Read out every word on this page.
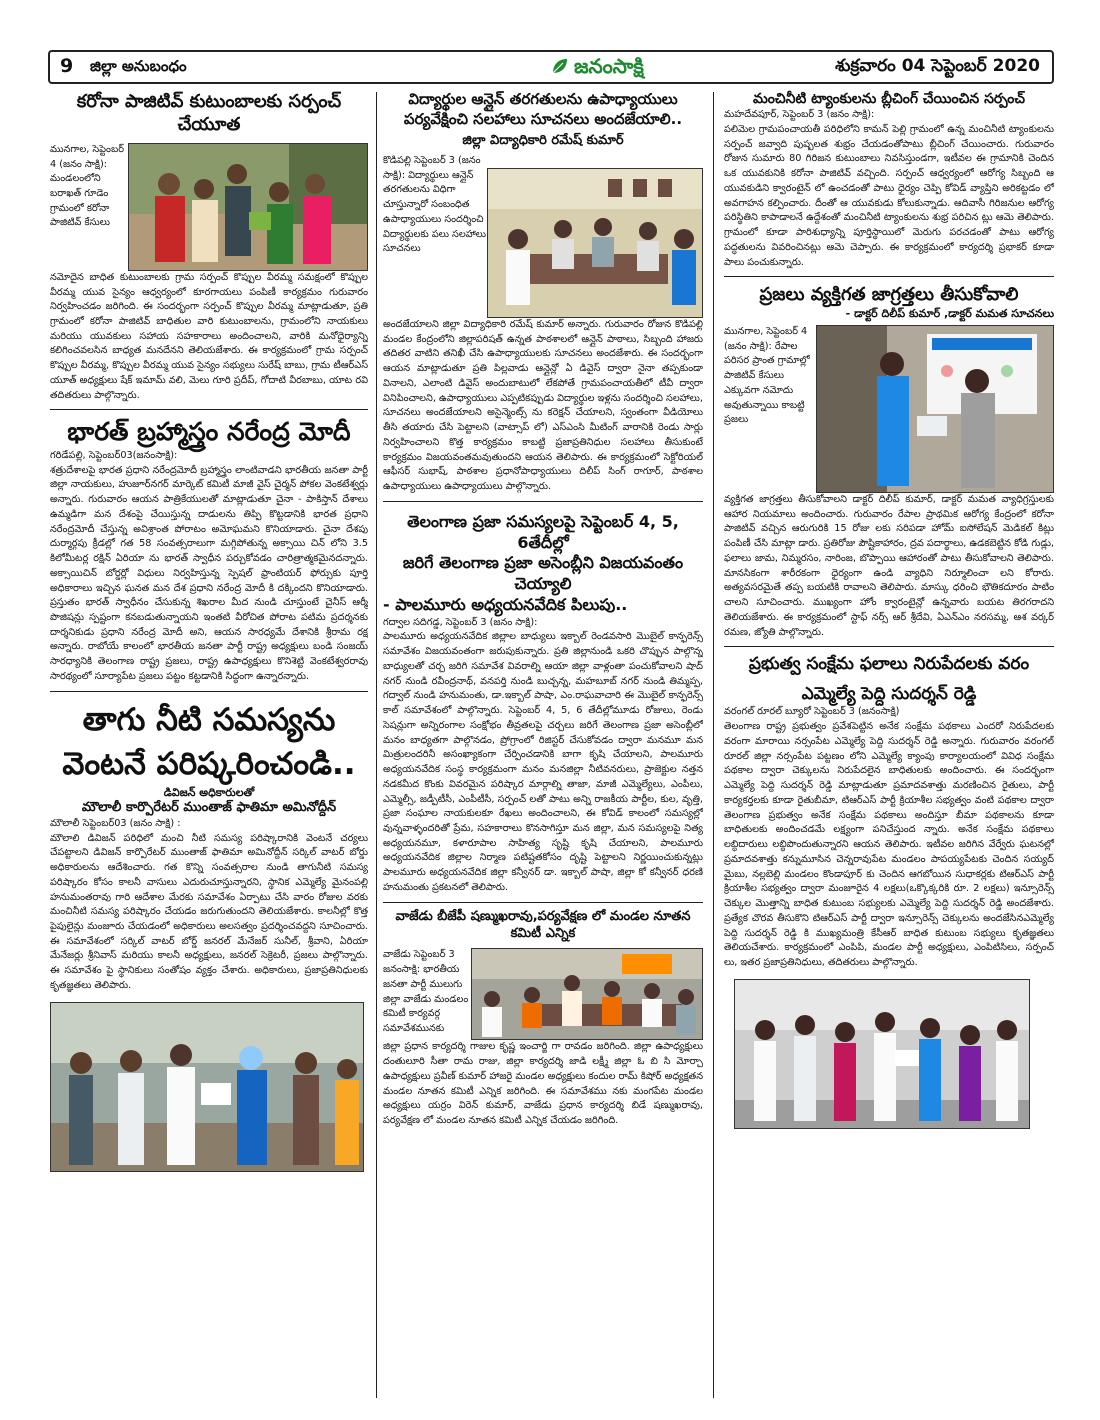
9 జిల్లా అనుబంధం	జనంసాక్షి	శుక్రవారం 04 సెప్టెంబర్ 2020
కరోనా పాజిటివ్ కుటుంబాలకు సర్పంచ్ చేయూత
మునగాల, సెప్టెంబర్ 4 (జనం సాక్షి): మండలంలోని బరాఖత్ గూడెం గ్రామంలో కరోనా పాజిటివ్ కేసులు
నమోదైన బాధిత కుటుంబాలకు గ్రామ సర్పంచ్ కొప్పుల వీరమ్మ సమక్షంలో కొప్పుల వీరమ్మ యువ సైన్యం ఆధ్వర్యంలో కూరగాయలు పంపిణీ కార్యక్రమం గురువారం నిర్వహించడం జరిగింది. ఈ సందర్భంగా సర్పంచ్ కొప్పుల వీరమ్మ మాట్లాడుతూ, ప్రతి గ్రామంలో కరోనా పాజిటివ్ బాధితుల వారి కుటుంబాలను, గ్రామంలోని నాయకులు మరియు యువకులు సహాయ సహకారాలు అందించాలని, వారికి మనోధైర్యాన్ని కలిగించవలసిన బాధ్యత మనదేనని తెలియజేశారు. ఈ కార్యక్రమంలో గ్రామ సర్పంచ్ కొప్పుల వీరమ్మ, కొప్పుల వీరమ్మ యువ సైన్యం సభ్యులు సురేష్ బాబు, గ్రామ టీఆర్ఎస్ యూత్ అధ్యక్షులు షేక్ ఇమామ్ వలి, మెలు గూరి ప్రదీప్, గోదాటి వీరబాబు, యాట రవి తదితరులు పాల్గొన్నారు.
భారత్ బ్రహ్మాస్త్రం నరేంద్ర మోదీ
గరిడేపల్లి, సెప్టెంబర్03(జనంసాక్షి):
శత్రుదేశాలపై భారత ప్రధాని నరేంద్రమోదీ బ్రహ్మాస్త్రం లాంటివాడని భారతీయ జనతా పార్టీ జిల్లా నాయకులు, హుజూర్‌నగర్ మార్కెట్ కమిటీ మాజీ వైస్ చైర్మన్ పోకల వెంకటేశ్వర్లు అన్నారు. గురువారం ఆయన పాత్రికేయులతో మాట్లాడుతూ చైనా - పాకిస్తాన్ దేశాలు ఉమ్మడిగా మన దేశంపై చేయిస్తున్న దాడులను తిప్పి కొట్టడానికి భారత ప్రధాని నరేంద్రమోదీ చేస్తున్న అవిశ్రాంత పోరాటం అమోఘమని కొనియాడారు. చైనా దేశపు దుర్మార్గపు క్రీడల్లో గత 58 సంవత్సరాలుగా మగ్గిపోతున్న అక్సాయి చిన్ లోని 3.5 కిలోమీటర్ల రక్షిన్ ఏరియా ను భారత్ స్వాధీన పర్చుకోవడం చారిత్రాత్మకమైనదన్నారు. అక్సాయిచిన్ బోర్డర్లో విధులు నిర్వహిస్తున్న స్పెషల్ ఫ్రాంటియర్ ఫోర్సుకు పూర్తి అధికారాలు ఇచ్చిన ఘనత మన దేశ ప్రధాని నరేంద్ర మోదీ కి దక్కిందని కొనియాడారు. ప్రస్తుతం భారత్ స్వాధీనం చేసుకున్న శిఖరాల మీద నుండి చూస్తుంటే చైనీస్ ఆర్మీ పొజిషన్లు స్పష్టంగా కనబడుతున్నాయని ఇంతటి వీరోచిత పోరాట పటిమ ప్రదర్శనకు దార్శనికుడు ప్రధాని నరేంద్ర మోదీ అని, ఆయన సారధ్యమే దేశానికి శ్రీరామ రక్ష అన్నారు. రాబోయే కాలంలో భారతీయ జనతా పార్టీ రాష్ట్ర అధ్యక్షులు బండి సంజయ్ సారధ్యానికి తెలంగాణ రాష్ట్ర ప్రజలు, రాష్ట్ర ఉపాధ్యక్షులు కొనిశెట్టి వెంకటేశ్వరరావు సారథ్యంలో సూర్యాపేట ప్రజలు పట్టం కట్టడానికి సిద్ధంగా ఉన్నారన్నారు.
తాగు నీటి సమస్యను
వెంటనే పరిష్కరించండి..
డివిజన్ అధికారులతో
మౌలాలీ కార్పొరేటర్ ముంతాజ్ ఫాతిమా అమినోద్దీన్
మౌలాలీ సెప్టెంబర్03 (జనం సాక్షి) :
మౌలాలి డివిజన్ పరిధిలో మంచి నీటి సమస్య పరిష్కారానికి వెంటనే చర్యలు చేపట్టాలని డివిజన్ కార్పొరేటర్ ముంతాజ్ ఫాతిమా అమినోద్దీన్ సర్కిల్ వాటర్ బోర్డు అధికారులను ఆదేశించారు. గత కొన్ని సంవత్సరాల నుండి తాగునీటి సమస్య పరిష్కారం కోసం కాలనీ వాసులు ఎదురుచూస్తున్నారని, స్థానిక ఎమ్మెల్యే మైనంపల్లి హనుమంతరావు గారి ఆదేశాల మేరకు సమావేశం ఏర్పాటు చేసి వారం రోజుల వరకు మంచినీటి సమస్య పరిష్కారం చేయడం జరుగుతుందని తెలియజేశారు. కాలనీల్లో కొత్త పైపులైన్లు మంజూరు చేయడంలో అధికారులు అలసత్వం ప్రదర్శించవద్దని సూచించారు. ఈ సమావేశంలో సర్కిల్ వాటర్ బోర్డ్ జనరల్ మేనేజర్ సునీల్, శ్రీవాని, ఏరియా మేనేజర్లు శ్రీనివాస్ మరియు కాలనీ అధ్యక్షులు, జనరల్ సెక్రెటరీ, ప్రజలు పాల్గొన్నారు. ఈ సమావేశం పై స్థానికులు సంతోషం వ్యక్తం చేశారు. అధికారులు, ప్రజాప్రతినిధులకు కృతజ్ఞతలు తెలిపారు.
విద్యార్థుల ఆన్లైన్ తరగతులను ఉపాధ్యాయులు
పర్యవేక్షించి సలహాలు సూచనలు అందజేయాలి..
జిల్లా విద్యాధికారి రమేష్ కుమార్
కొడిపల్లి సెప్టెంబర్ 3 (జనం సాక్షి): విద్యార్థులు ఆన్లైన్ తరగతులను విధిగా చూస్తున్నారో సంబంధిత ఉపాధ్యాయులు సందర్శించి విద్యార్థులకు పలు సలహాలు సూచనలు
అందజేయాలని జిల్లా విద్యాధికారి రమేష్ కుమార్ అన్నారు. గురువారం రోజున కొడిపల్లి మండల కేంద్రంలోని జిల్లాపరిషత్ ఉన్నత పాఠశాలలో ఆన్లైన్ పాఠాలు, సిబ్బంది హాజరు తదితర వాటిని తనిఖీ చేసి ఉపాధ్యాయులకు సూచనలు అందజేశారు. ఈ సందర్భంగా ఆయన మాట్లాడుతూ ప్రతి పిల్లవాడు ఆన్లైన్లో ఏ డివైస్ ద్వారా నైనా తప్పకుండా వినాలని, ఎలాంటి డివైస్ అందుబాటులో లేకపోతే గ్రామపంచాయతీలో టీవీ ద్వారా వినిపించాలని, ఉపాధ్యాయులు ఎప్పటికప్పుడు విద్యార్థుల ఇళ్లను సందర్శించి సలహాలు, సూచనలు అందజేయాలని అసైన్మెంట్స్ ను కరెక్షన్ చేయాలని, స్వంతంగా వీడియోలు తీసి తయారు చేసి పెట్టాలని (వాట్సాప్ లో) ఎస్ఎంసి మీటింగ్ వారానికి రెండు సార్లు నిర్వహించాలని కొత్త కార్యక్రమం కాబట్టి ప్రజాప్రతినిధుల సలహాలు తీసుకుంటే కార్యక్రమం విజయవంతమవుతుందని ఆయన తెలిపారు. ఈ కార్యక్రమంలో సెక్టోరియల్ ఆఫీసర్ సుభాష్, పాఠశాల ప్రధానోపాధ్యాయులు దిలీప్ సింగ్ రాగూర్, పాఠశాల ఉపాధ్యాయులు ఉపాధ్యాయులు పాల్గొన్నారు.
తెలంగాణ ప్రజా సమస్యలపై సెప్టెంబర్ 4, 5, 6తేదీల్లో
జరిగే తెలంగాణ ప్రజా అసెంబ్లీని విజయవంతం చెయ్యాలి
- పాలమూరు అధ్యయనవేదిక పిలుపు..
గద్వాల సదిగడ్డ, సెప్టెంబర్ 3 (జనం సాక్షి):
పాలమూరు అధ్యయనవేదిక జిల్లాల బాధ్యులు ఇక్బాల్ రెండవసారి మొబైల్ కాన్ఫరెన్స్ సమావేశం విజయవంతంగా జరుపుకున్నారు. ప్రతి జిల్లానుండి ఒకరి చొప్పున పాల్గొన్న బాధ్యులతో చర్చ జరిగి సమావేశ వివరాల్ని ఆయా జిల్లా వాళ్లంతా పంచుకోవాలని షాద్ నగర్ నుండి రవీంద్రనాథ్, వనపర్తి నుండి బుచ్చన్న, మహబూబ్ నగర్ నుండి తిమ్మప్ప, గద్వాల్ నుండి హనుమంతు, డా.ఇక్బాల్ పాషా, ఎం.రాఘవాచారి ఈ మొబైల్ కాన్ఫరెన్స్ కాల్ సమావేశంలో పాల్గొన్నారు. సెప్టెంబర్ 4, 5, 6 తేదీల్లోమూడు రోజులు, రెండు సెషన్లుగా అన్నిరంగాల సంక్షోభం తీవ్రతలపై చర్చలు జరిగే తెలంగాణ ప్రజా అసెంబ్లీలో మనం బాధ్యతగా పాల్గొనడం, ప్రోగ్రాంలో రిజిస్టర్ చేసుకోవడం ద్వారా మనమూ మన మిత్రులందరినీ అసంఖ్యాకంగా చేర్పించడానికి బాగా కృషి చేయాలని, పాలమూరు అధ్యయనవేదిక సంస్థ కార్యక్రమంగా మనం మనజిల్లా నీటివనరులు, ప్రాజెక్టుల నత్తన నడకమీద కొంకు వివరమైన పరిష్కార మార్గాల్ని తాజా, మాజీ ఎమ్మెల్యేలు, ఎంపీలు, ఎమ్మెల్సీ, జడ్పీటీసీ, ఎంపీటీసీ, సర్పంచ్ లతో పాటు అన్ని రాజకీయ పార్టీల, కుల, వృత్తి, ప్రజా సంఘాల నాయకులకూ రేఖలు అందించాలని, ఈ కోవిడ్ కాలంలో సమస్యల్లో వున్నవాళ్ళందరితో ప్రేమ, సహకారాలు కొనసాగిస్తూ మన జిల్లా, మన సమస్యలపై నిత్య అధ్యయనమూ, కళారూపాల సాహిత్య సృష్టి కృషి చేయాలని, పాలమూరు అధ్యయనవేదిక జిల్లాల నిర్మాణ పటిష్టతకోసం దృష్టి పెట్టాలని నిర్ణయించుకున్నట్లు పాలమూరు అధ్యయనవేదిక జిల్లా కన్వీనర్ డా. ఇక్బాల్ పాషా, జిల్లా కో కన్వీనర్ ధరణి హనుమంతు ప్రకటనలో తెలిపారు.
వాజేడు బీజేపీ షణ్ముఖరావు,పర్యవేక్షణ లో మండల నూతన కమిటీ ఎన్నిక
వాజేడు సెప్టెంబర్ 3 జనంసాక్షి: భారతీయ జనతా పార్టీ ములుగు జిల్లా వాజేడు మండలం కమిటీ కార్యవర్గ సమావేశమునకు
జిల్లా ప్రధాన కార్యదర్శి గాజుల కృష్ణ ఇంచార్జి గా రావడం జరిగింది. జిల్లా ఉపాధ్యక్షులు దంతులూరి సీతా రామ రాజు, జిల్లా కార్యదర్శి జాడి లక్ష్మీ జిల్లా ఓ బి సి మోర్చా ఉపాధ్యక్షులు ప్రవీణ్ కుమార్ హాజరై మండల అధ్యక్షులు కందుల రామ్ కిషోర్ అధ్యక్షతన మండల నూతన కమిటీ ఎన్నిక జరిగింది. ఈ సమావేశము నకు మంగపేట మండల అధ్యక్షులు యర్రం విరెన్ కుమార్, వాజేడు ప్రధాన కార్యదర్శి బిడే షణ్ముఖరావు, పర్యవేక్షణ లో మండల నూతన కమిటీ ఎన్నిక చేయడం జరిగింది.
మంచినీటి ట్యాంకులను బ్లీచింగ్ చేయించిన సర్పంచ్
మహదేవపూర్, సెప్టెంబర్ 3 (జనం సాక్షి):
పలిమెల గ్రామపంచాయతీ పరిధిలోని కామన్ పెల్లి గ్రామంలో ఉన్న మంచినీటి ట్యాంకులను సర్పంచ్ జవ్వాది పుష్పలత శుభ్రం చేయడంతోపాటు బ్లీచింగ్ చేయించారు. గురువారం రోజున సుమారు 80 గిరిజన కుటుంబాలు నివసిస్తుండగా, ఇటీవల ఈ గ్రామానికి చెందిన ఒక యువకునికి కరోనా పాజిటివ్ వచ్చింది. సర్పంచ్ ఆధ్వర్యంలో ఆరోగ్య సిబ్బంది ఆ యువకుడిని క్వారంటైన్ లో ఉంచడంతో పాటు ధైర్యం చెప్పి కోవిడ్ వ్యాప్తిని అరికట్టడం లో అవగాహన కల్పించారు. దీంతో ఆ యువకుడు కోలుకున్నాడు. ఆదివాసీ గిరిజనుల ఆరోగ్య పరిస్థితిని కాపాడాలనే ఉద్దేశంతో మంచినీటి ట్యాంకులను శుభ్ర పరిచిన ట్లు ఆమె తెలిపారు. గ్రామంలో కూడా పారిశుధ్యాన్ని పూర్తిస్థాయిలో మెరుగు పరచడంతో పాటు ఆరోగ్య పద్ధతులను వివరించినట్లు ఆమె చెప్పారు. ఈ కార్యక్రమంలో కార్యదర్శి ప్రభాకర్ కూడా పాలు పంచుకున్నారు.
ప్రజలు వ్యక్తిగత జాగ్రత్తలు తీసుకోవాలి
- డాక్టర్ దిలీప్ కుమార్ ,డాక్టర్ మమత సూచనలు
మునగాల, సెప్టెంబర్ 4 (జనం సాక్షి): రేపాల పరిసర ప్రాంత గ్రామాల్లో పాజిటివ్ కేసులు ఎక్కువగా నమోదు అవుతున్నాయి కాబట్టి ప్రజలు
వ్యక్తిగత జాగ్రత్తలు తీసుకోవాలని డాక్టర్ దిలీప్ కుమార్, డాక్టర్ మమత వ్యాధిగ్రస్తులకు ఆహార నియమాలు అందించారు. గురువారం రేపాల ప్రాథమిక ఆరోగ్య కేంద్రంలో కరోనా పాజిటివ్ వచ్చిన ఆరుగురికి 15 రోజు లకు సరిపడా హోమ్ ఐసోలేషన్ మెడికల్ కిట్లు పంపిణీ చేసి మాట్లా డారు. ప్రతిరోజు పౌష్టికాహారం, ద్రవ పదార్థాలు, ఉడకబెట్టిన కోడి గుడ్లు, ఫలాలు జామ, నిమ్మరసం, నారింజ, బొప్పాయి ఆహారంతో పాటు తీసుకోవాలని తెలిపారు. మానసికంగా శారీరకంగా ధైర్యంగా ఉండి వ్యాధిని నిర్మూలించా లని కోరారు. అత్యవసరమైతే తప్ప బయటికి రావాలని తెలిపారు. మాస్కు ధరించి భౌతికదూరం పాటిం చాలని సూచించారు. ముఖ్యంగా హోం క్వారంటైన్లో ఉన్నవారు బయట తిరగరాదని తెలియజేశారు. ఈ కార్యక్రమంలో స్టాఫ్ నర్స్ ఆర్ శ్రీదేవి, ఏఎన్ఎం నరసమ్మ, ఆశ వర్కర్ రమణ, జ్యోతి పాల్గొన్నారు.
ప్రభుత్వ సంక్షేమ ఫలాలు నిరుపేదలకు వరం
ఎమ్మెల్యే పెద్ది సుదర్శన్ రెడ్డి
వరంగల్ రూరల్ బ్యూరో సెప్టెంబర్ 3 (జనంసాక్షి)
తెలంగాణ రాష్ట్ర ప్రభుత్వం ప్రవేశపెట్టిన అనేక సంక్షేమ పథకాలు ఎందరో నిరుపేదలకు వరంగా మారాయి నర్సంపేట ఎమ్మెల్యే పెద్ది సుదర్శన్ రెడ్డి అన్నారు. గురువారం వరంగల్ రూరల్ జిల్లా నర్సంపేట పట్టణం లోని ఎమ్మెల్యే క్యాంపు కార్యాలయంలో వివిధ సంక్షేమ పథకాల ద్వారా చెక్కులను నిరుపేదలైన బాధితులకు అందించారు. ఈ సందర్భంగా ఎమ్మెల్యే పెద్ది సుదర్శన్ రెడ్డి మాట్లాడుతూ ప్రమాదవశాత్తు మరణించిన రైతులు, పార్టీ కార్యకర్తలకు కూడా రైతుబీమా, టిఆర్ఎస్ పార్టీ క్రియాశీల సభ్యత్వం వంటి పథకాల ద్వారా తెలంగాణ ప్రభుత్వం అనేక సంక్షేమ పథకాలు అందిస్తూ బీమా పథకాలను కూడా బాధితులకు అందించడమే లక్ష్యంగా పనిచేస్తుంద న్నారు. అనేక సంక్షేమ పథకాలు లబ్ధిదారులు లబ్ధిపొందుతున్నారని ఆయన తెలిపారు. ఇటీవల జరిగిన వేర్వేరు ఘటనల్లో ప్రమాదవశాత్తు కన్నుమూసిన చెన్నరావుపేట మండలం పాపయ్యపేటకు చెందిన సయ్యద్ మైబు, నల్లబెల్లి మండలం కొండాపూర్ కు చెందిన ఆగబోయిన సుధాకర్లకు టిఆర్ఎస్ పార్టీ క్రియాశీల సభ్యత్వం ద్వారా మంజూరైన 4 లక్షలు(ఒక్కొక్కరికి రూ. 2 లక్షలు) ఇన్సూరెన్స్ చెక్కుల మొత్తాన్ని బాధిత కుటుంబ సభ్యులకు ఎమ్మెల్యే పెద్ది సుదర్శన్ రెడ్డి అందజేశారు. ప్రత్యేక చొరవ తీసుకొని టిఆర్ఎస్ పార్టీ ద్వారా ఇన్సూరెన్స్ చెక్కులను అందజేసినఎమ్మెల్యే పెద్ది సుదర్శన్ రెడ్డి కి ముఖ్యమంత్రి కేసీఆర్ బాధిత కుటుంబ సభ్యులు కృతజ్ఞతలు తెలియచేశారు. కార్యక్రమంలో ఎంపిపి, మండల పార్టీ అధ్యక్షులు, ఎంపిటిసిలు, సర్పంచ్ లు, ఇతర ప్రజాప్రతినిధులు, తదితరులు పాల్గొన్నారు.
